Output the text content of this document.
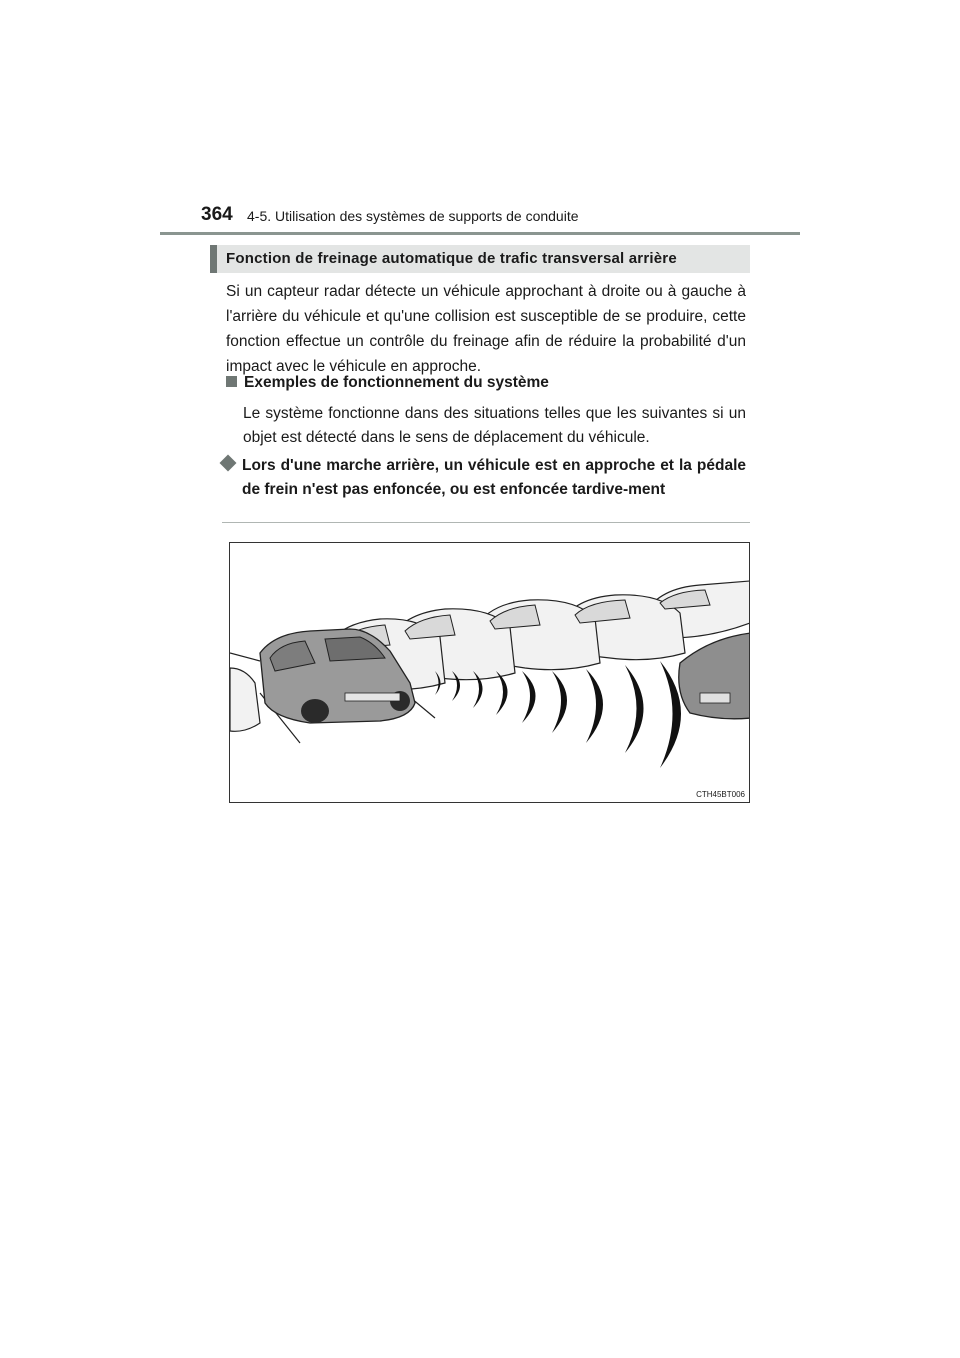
364 4-5. Utilisation des systèmes de supports de conduite
Fonction de freinage automatique de trafic transversal arrière
Si un capteur radar détecte un véhicule approchant à droite ou à gauche à l'arrière du véhicule et qu'une collision est susceptible de se produire, cette fonction effectue un contrôle du freinage afin de réduire la probabilité d'un impact avec le véhicule en approche.
Exemples de fonctionnement du système
Le système fonctionne dans des situations telles que les suivantes si un objet est détecté dans le sens de déplacement du véhicule.
Lors d'une marche arrière, un véhicule est en approche et la pédale de frein n'est pas enfoncée, ou est enfoncée tardive-ment
CTH45BT006
